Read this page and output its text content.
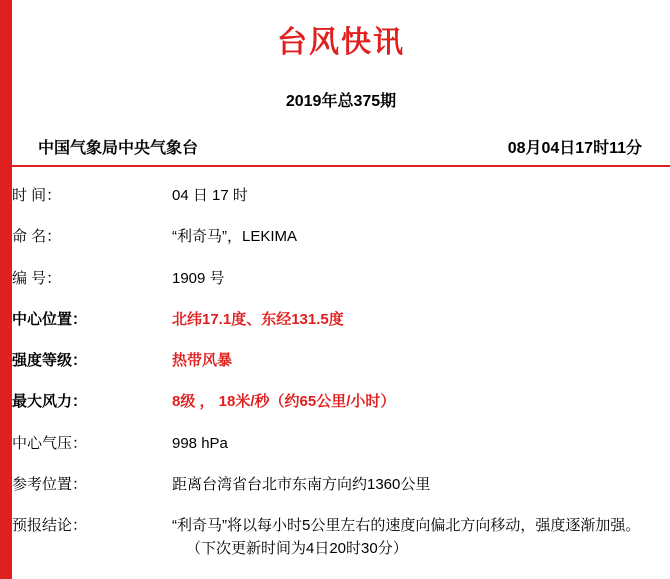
台风快讯
2019年总375期
中国气象局中央气象台	08月04日17时11分
时 间：	04 日 17 时
命 名：	“利奇马”，LEKIMA
编 号：	1909 号
中心位置：	北纬17.1度、东经131.5度
强度等级：	热带风暴
最大风力：	8级 ， 18米/秒（约65公里/小时）
中心气压：	998 hPa
参考位置：	距离台湾省台北市东南方向约1360公里
预报结论：	“利奇马”将以每小时5公里左右的速度向偏北方向移动，强度逐渐加强。
（下次更新时间为4日20时30分）
